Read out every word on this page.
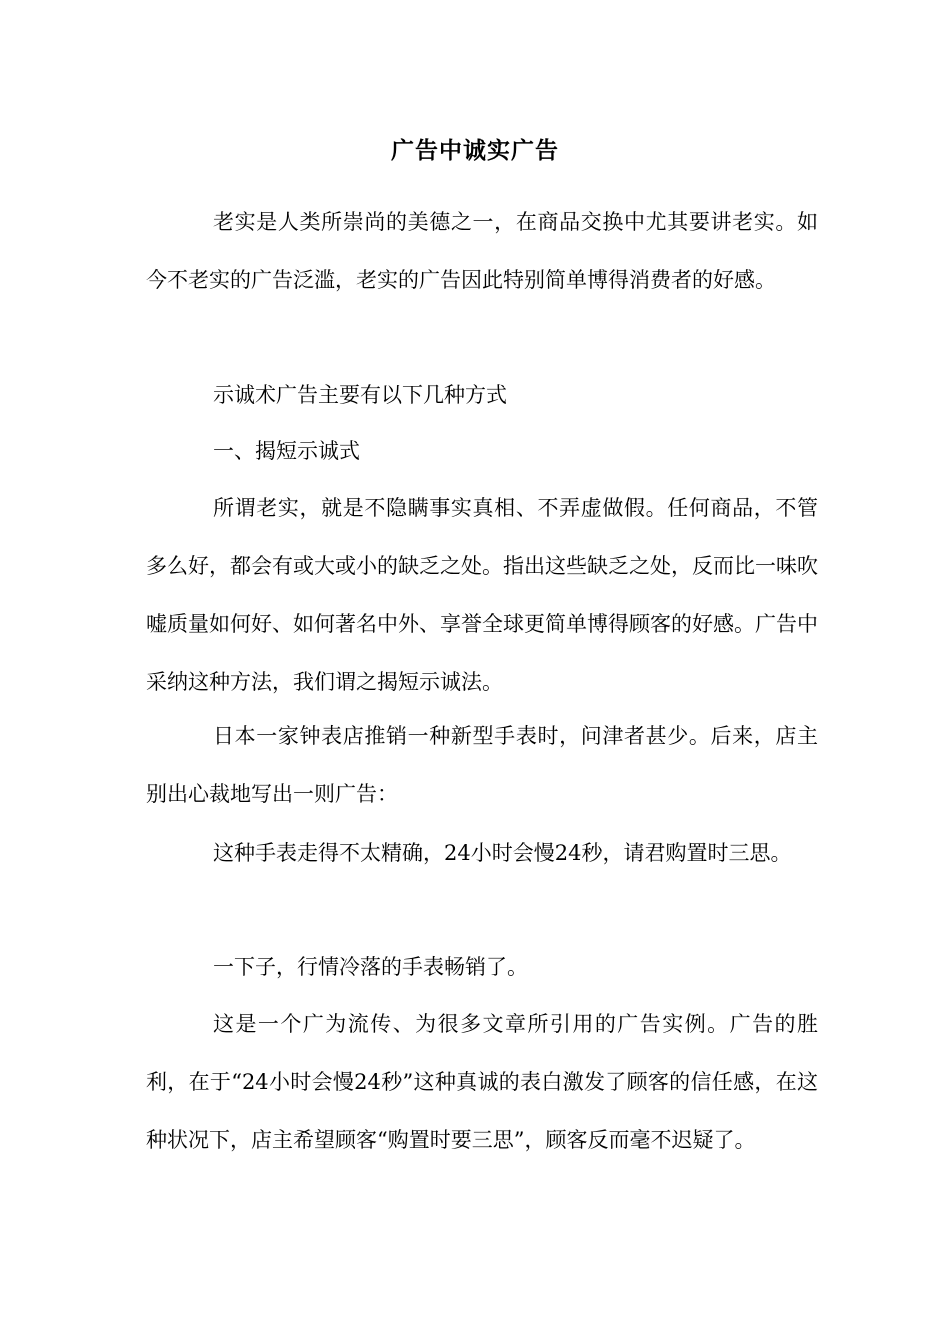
广告中诚实广告

老实是人类所崇尚的美德之一，在商品交换中尤其要讲老实。如今不老实的广告泛滥，老实的广告因此特别简单博得消费者的好感。

示诚术广告主要有以下几种方式

一、揭短示诚式

所谓老实，就是不隐瞒事实真相、不弄虚做假。任何商品，不管多么好，都会有或大或小的缺乏之处。指出这些缺乏之处，反而比一味吹嘘质量如何好、如何著名中外、享誉全球更简单博得顾客的好感。广告中采纳这种方法，我们谓之揭短示诚法。

日本一家钟表店推销一种新型手表时，问津者甚少。后来，店主别出心裁地写出一则广告：

这种手表走得不太精确，24小时会慢24秒，请君购置时三思。

一下子，行情冷落的手表畅销了。

这是一个广为流传、为很多文章所引用的广告实例。广告的胜利，在于“24小时会慢24秒”这种真诚的表白激发了顾客的信任感，在这种状况下，店主希望顾客“购置时要三思”，顾客反而毫不迟疑了。
